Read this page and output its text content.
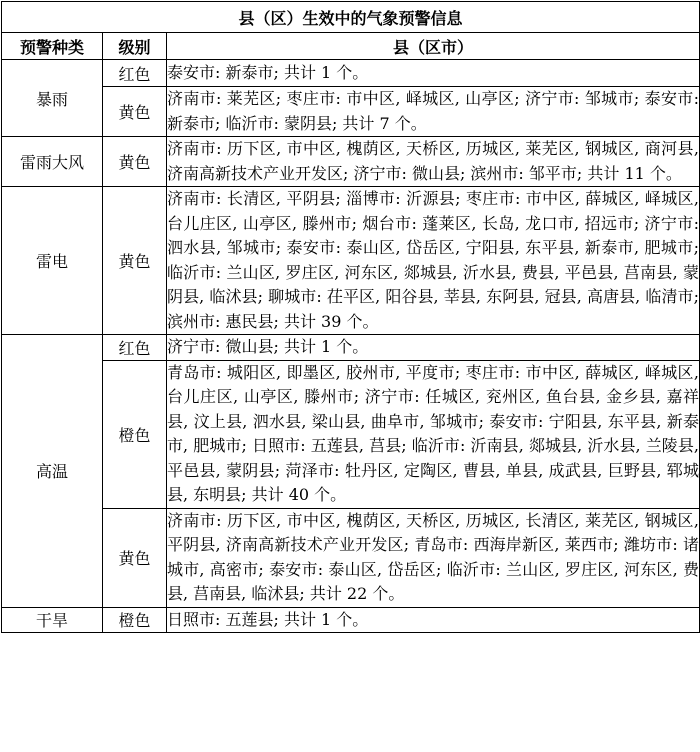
县（区）生效中的气象预警信息		
预警种类	级别	县（区市）
暴雨	红色	泰安市: 新泰市; 共计 1 个。
	黄色	济南市: 莱芜区; 枣庄市: 市中区, 峄城区, 山亭区; 济宁市: 邹城市; 泰安市: 新泰市; 临沂市: 蒙阴县; 共计 7 个。
雷雨大风	黄色	济南市: 历下区, 市中区, 槐荫区, 天桥区, 历城区, 莱芜区, 钢城区, 商河县, 济南高新技术产业开发区; 济宁市: 微山县; 滨州市: 邹平市; 共计 11 个。
雷电	黄色	济南市: 长清区, 平阴县; 淄博市: 沂源县; 枣庄市: 市中区, 薛城区, 峄城区, 台儿庄区, 山亭区, 滕州市; 烟台市: 蓬莱区, 长岛, 龙口市, 招远市; 济宁市: 泗水县, 邹城市; 泰安市: 泰山区, 岱岳区, 宁阳县, 东平县, 新泰市, 肥城市; 临沂市: 兰山区, 罗庄区, 河东区, 郯城县, 沂水县, 费县, 平邑县, 莒南县, 蒙阴县, 临沭县; 聊城市: 茌平区, 阳谷县, 莘县, 东阿县, 冠县, 高唐县, 临清市; 滨州市: 惠民县; 共计 39 个。
高温	红色	济宁市: 微山县; 共计 1 个。
	橙色	青岛市: 城阳区, 即墨区, 胶州市, 平度市; 枣庄市: 市中区, 薛城区, 峄城区, 台儿庄区, 山亭区, 滕州市; 济宁市: 任城区, 兖州区, 鱼台县, 金乡县, 嘉祥县, 汶上县, 泗水县, 梁山县, 曲阜市, 邹城市; 泰安市: 宁阳县, 东平县, 新泰市, 肥城市; 日照市: 五莲县, 莒县; 临沂市: 沂南县, 郯城县, 沂水县, 兰陵县, 平邑县, 蒙阴县; 菏泽市: 牡丹区, 定陶区, 曹县, 单县, 成武县, 巨野县, 郓城县, 东明县; 共计 40 个。
	黄色	济南市: 历下区, 市中区, 槐荫区, 天桥区, 历城区, 长清区, 莱芜区, 钢城区, 平阴县, 济南高新技术产业开发区; 青岛市: 西海岸新区, 莱西市; 潍坊市: 诸城市, 高密市; 泰安市: 泰山区, 岱岳区; 临沂市: 兰山区, 罗庄区, 河东区, 费县, 莒南县, 临沭县; 共计 22 个。
干旱	橙色	日照市: 五莲县; 共计 1 个。
